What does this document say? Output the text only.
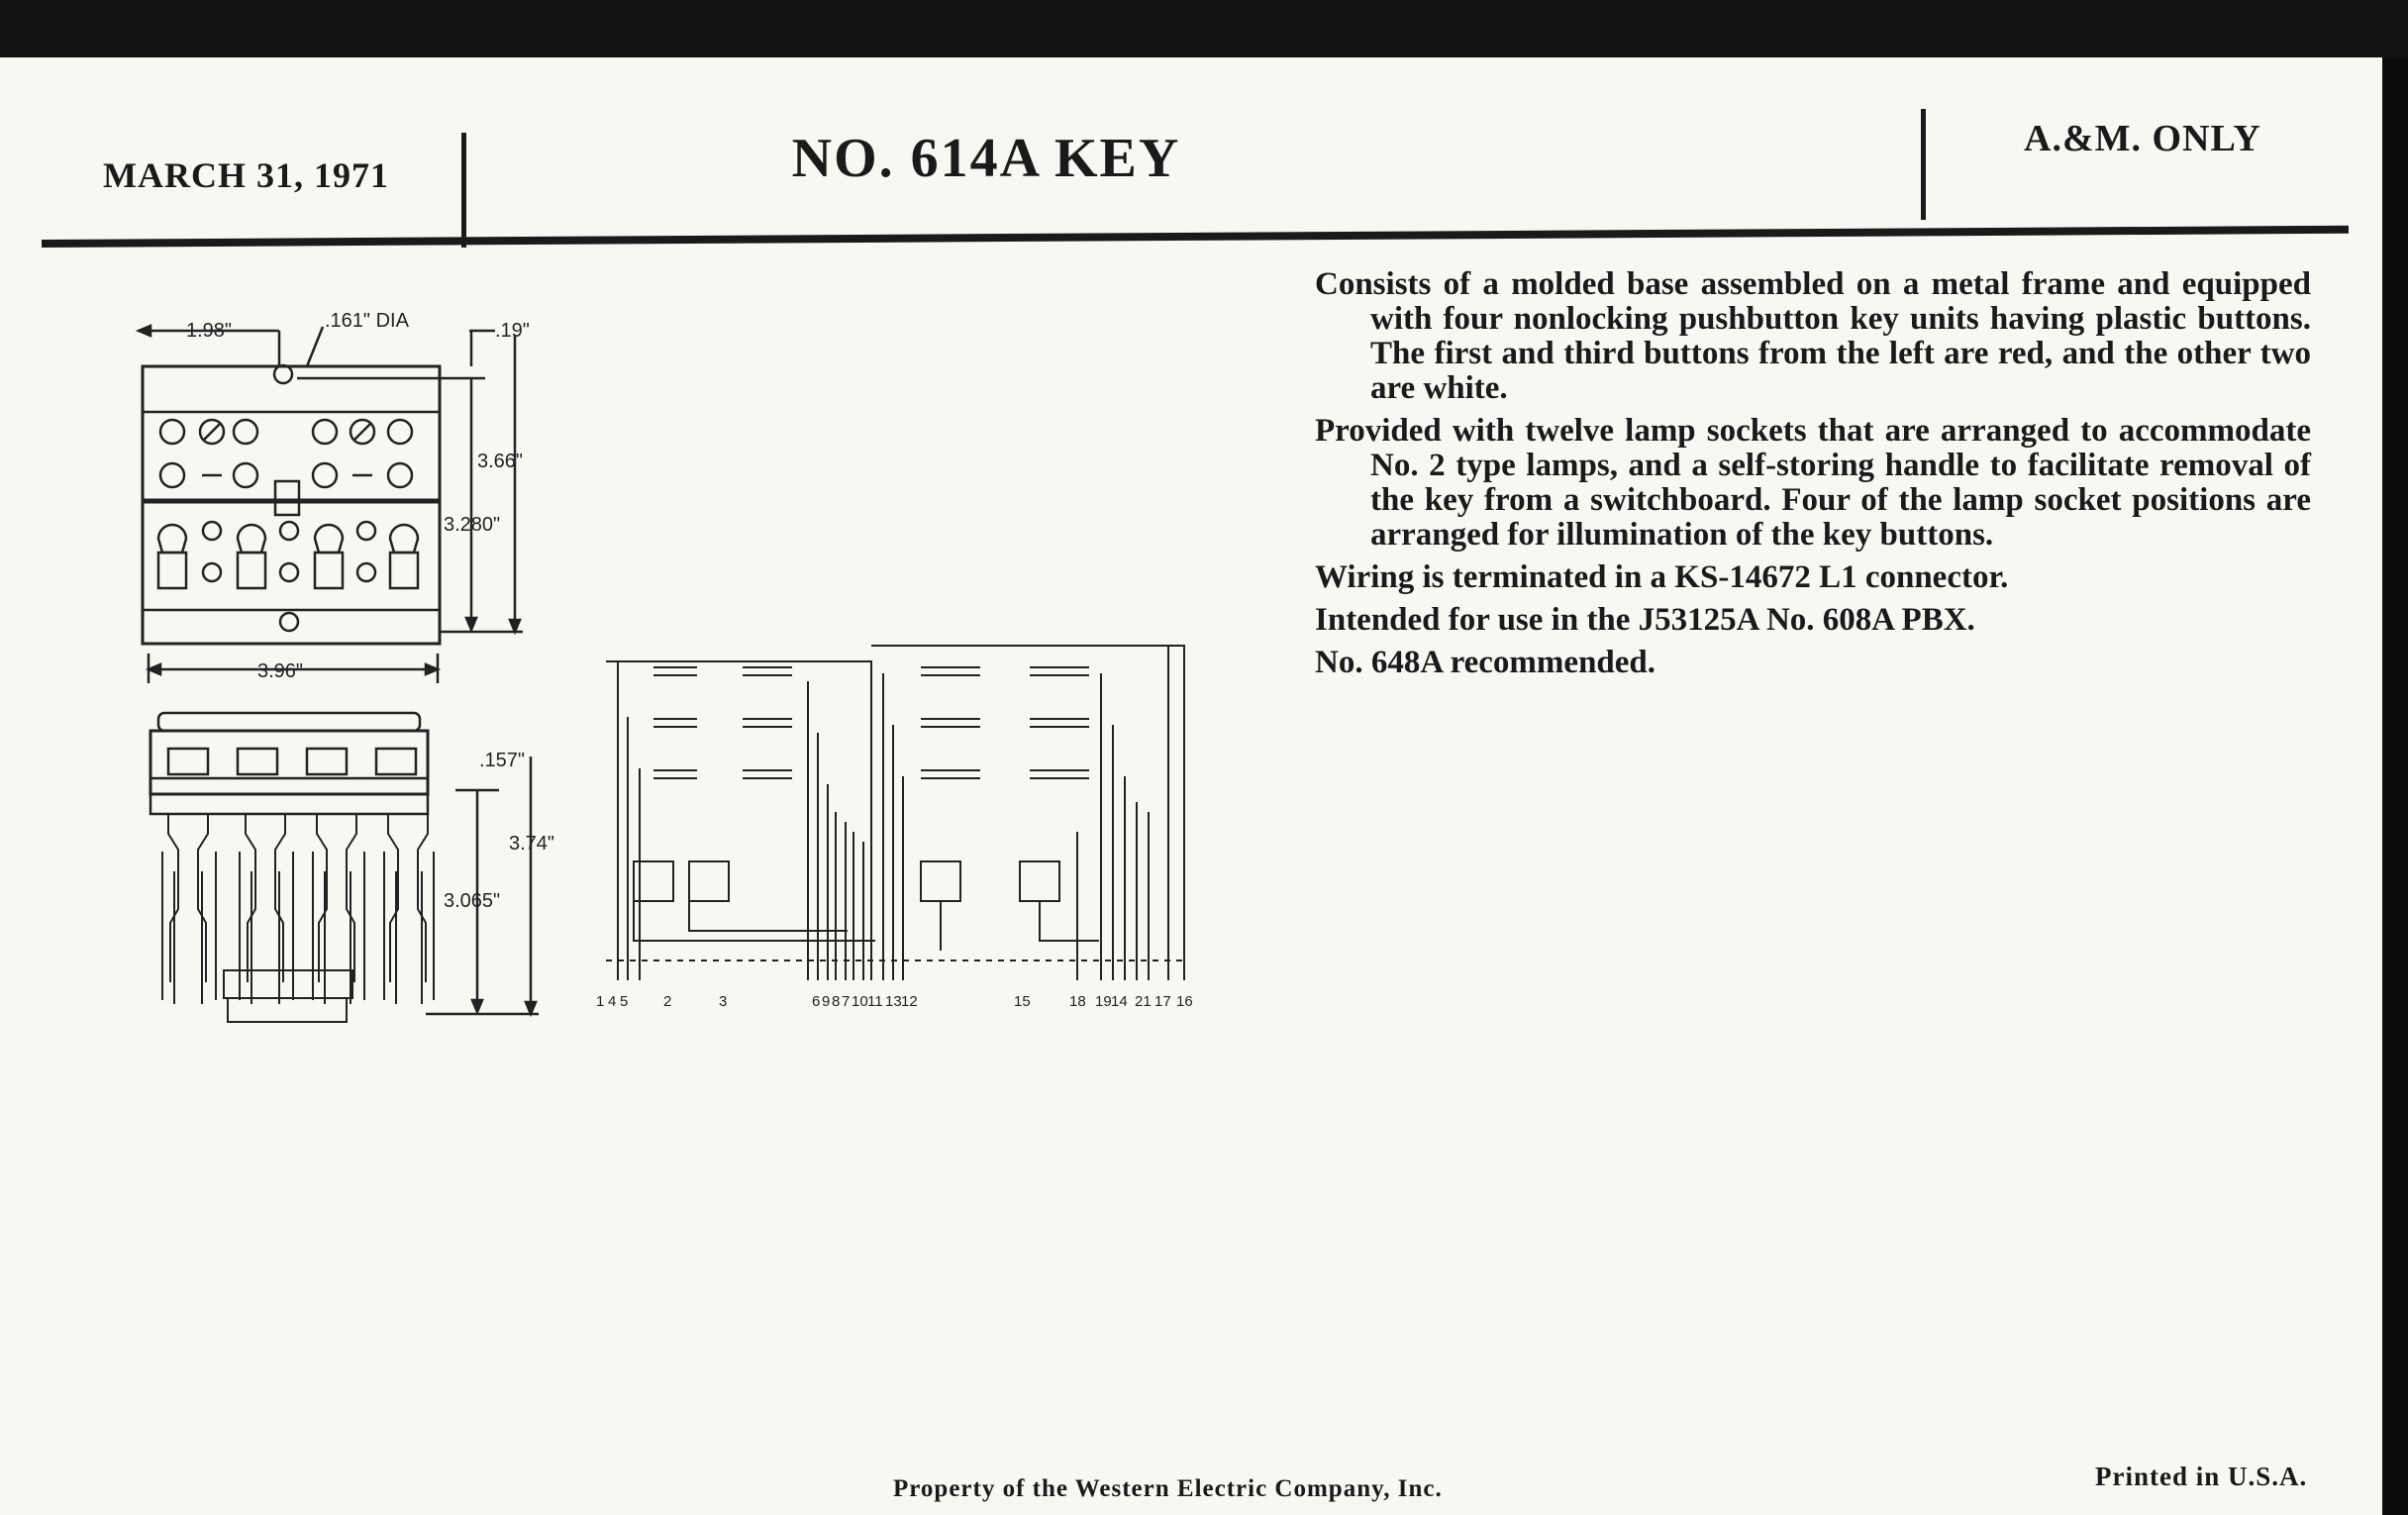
MARCH 31, 1971	NO. 614A KEY	A.&M. ONLY

Consists of a molded base assembled on a metal frame and equipped with four nonlocking pushbutton key units having plastic buttons. The first and third buttons from the left are red, and the other two are white.

Provided with twelve lamp sockets that are arranged to accommodate No. 2 type lamps, and a self-storing handle to facilitate removal of the key from a switchboard. Four of the lamp socket positions are arranged for illumination of the key buttons.

Wiring is terminated in a KS-14672 L1 connector.

Intended for use in the J53125A No. 608A PBX.

No. 648A recommended.

1.98"	.161" DIA	.19"
3.66"
3.280"
3.96"
.157"
3.74"
3.065"
1 4 5 2	3	6 9 8 7 10 11 13 12	15	18 19 14 21 17 16
Property of the Western Electric Company, Inc.	Printed in U.S.A.
